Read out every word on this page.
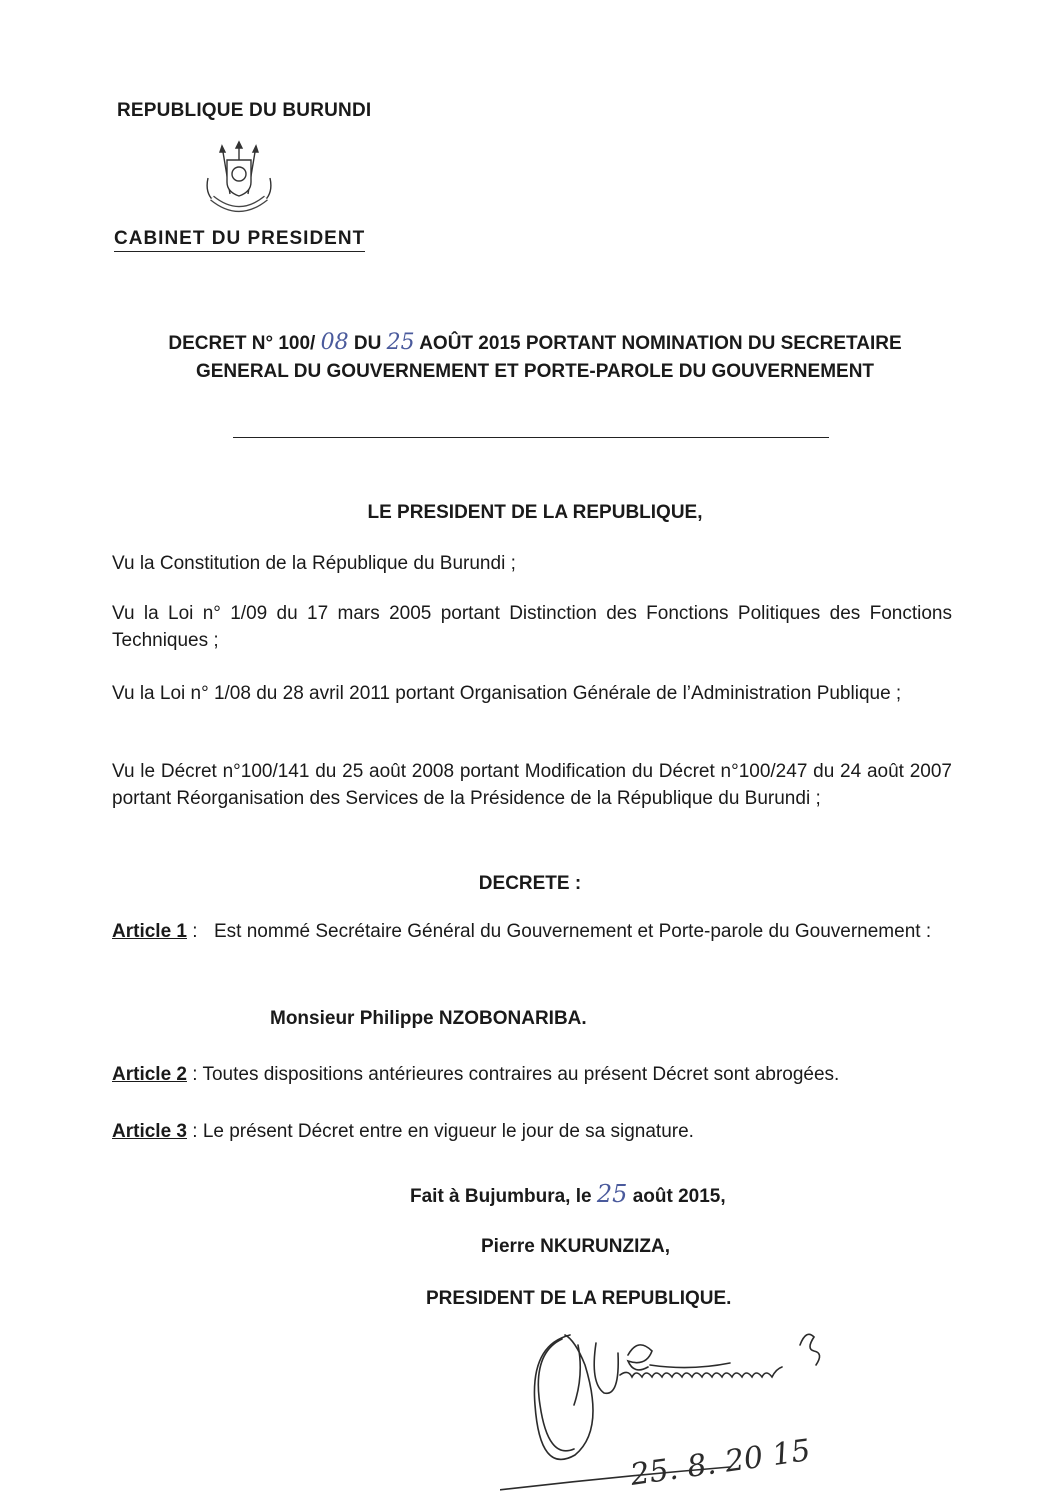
REPUBLIQUE DU BURUNDI
CABINET DU PRESIDENT
DECRET N° 100/ 08 DU 25 AOÛT 2015 PORTANT NOMINATION DU SECRETAIRE GENERAL DU GOUVERNEMENT ET PORTE-PAROLE DU GOUVERNEMENT
LE PRESIDENT DE LA REPUBLIQUE,
Vu la Constitution de la République du Burundi ;
Vu la Loi n° 1/09 du 17 mars 2005 portant Distinction des Fonctions Politiques des Fonctions Techniques ;
Vu la Loi n° 1/08 du 28 avril 2011 portant Organisation Générale de l’Administration Publique ;
Vu le Décret n°100/141 du 25 août 2008 portant Modification du Décret n°100/247 du 24 août 2007 portant Réorganisation des Services de la Présidence de la République du Burundi ;
DECRETE :
Article 1 : Est nommé Secrétaire Général du Gouvernement et Porte-parole du Gouvernement :
Monsieur Philippe NZOBONARIBA.
Article 2 : Toutes dispositions antérieures contraires au présent Décret sont abrogées.
Article 3 : Le présent Décret entre en vigueur le jour de sa signature.
Fait à Bujumbura, le 25 août 2015,
Pierre NKURUNZIZA,
PRESIDENT DE LA REPUBLIQUE.
25. 8. 20 15
